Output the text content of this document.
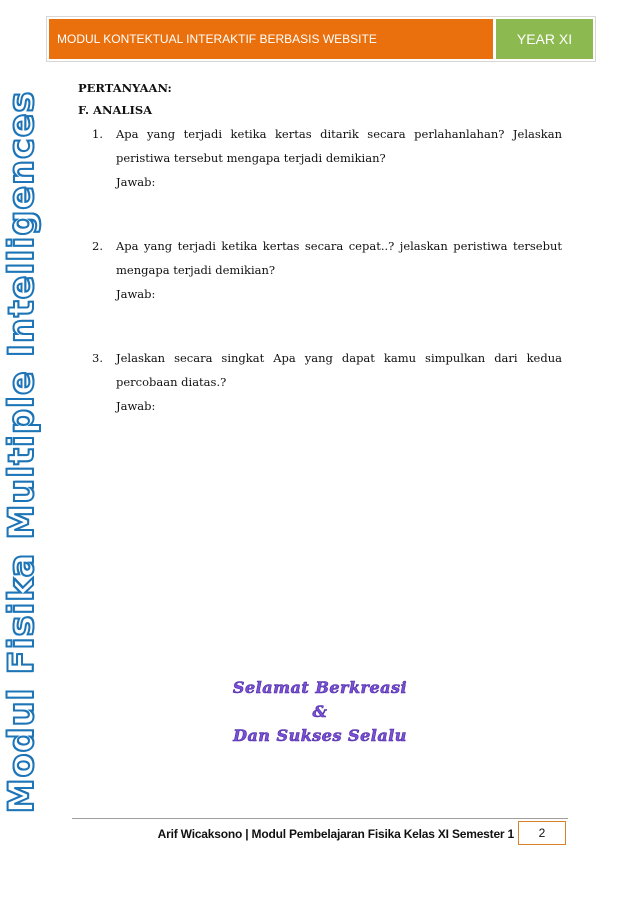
Modul Fisika Multiple Intelligences
MODUL KONTEKTUAL INTERAKTIF BERBASIS WEBSITE	YEAR XI

PERTANYAAN:

F. ANALISA

1. Apa yang terjadi ketika kertas ditarik secara perlahanlahan? Jelaskan peristiwa tersebut mengapa terjadi demikian?
Jawab:
2. Apa yang terjadi ketika kertas secara cepat..? jelaskan peristiwa tersebut mengapa terjadi demikian?
Jawab:
3. Jelaskan secara singkat Apa yang dapat kamu simpulkan dari kedua percobaan diatas.?
Jawab:
Selamat Berkreasi
&
Dan Sukses Selalu
Arif Wicaksono | Modul Pembelajaran Fisika Kelas XI Semester 1	2
